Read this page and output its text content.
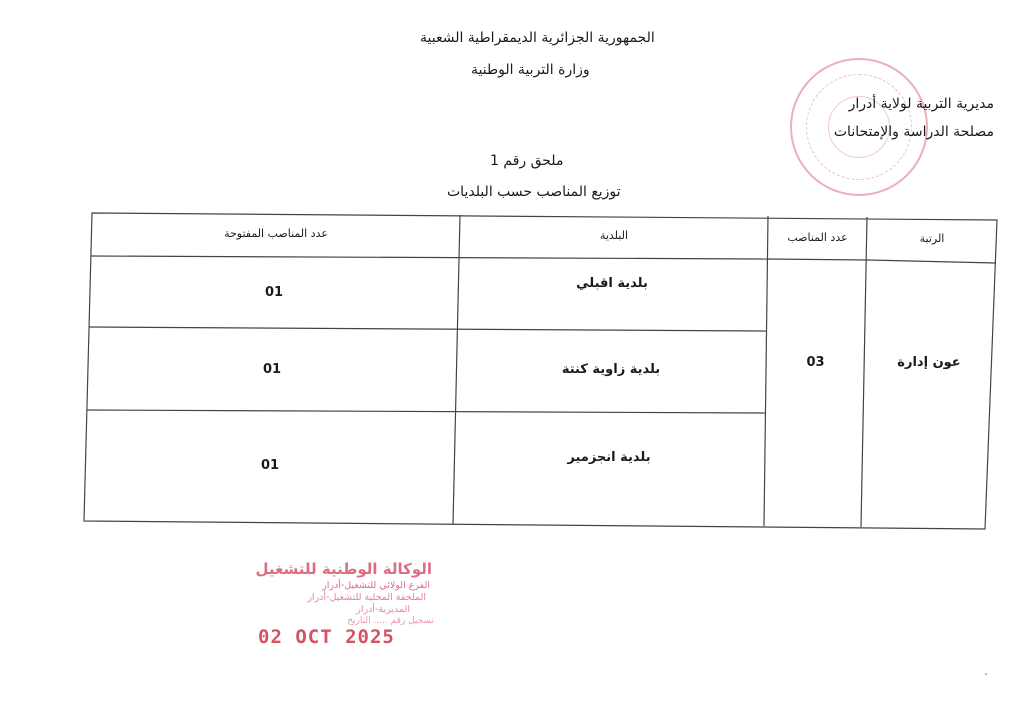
الجمهورية الجزائرية الديمقراطية الشعبية
وزارة التربية الوطنية
مديرية التربية لولاية أدرار
مصلحة الدراسة والإمتحانات
ملحق رقم 1
توزيع المناصب حسب البلديات
الرتبة
عدد المناصب
البلدية
عدد المناصب المفتوحة
عون إدارة
03
بلدية اقبلي
01
بلدية زاوية كنتة
01
بلدية انجزمير
01
الوكالة الوطنية للتشغيل
الفرع الولائي للتشغيل-أدرار
الملحقة المحلية للتشغيل-أدرار
المديرية-أدرار
تسجيل رقم ..... التاريخ
02 OCT 2025
